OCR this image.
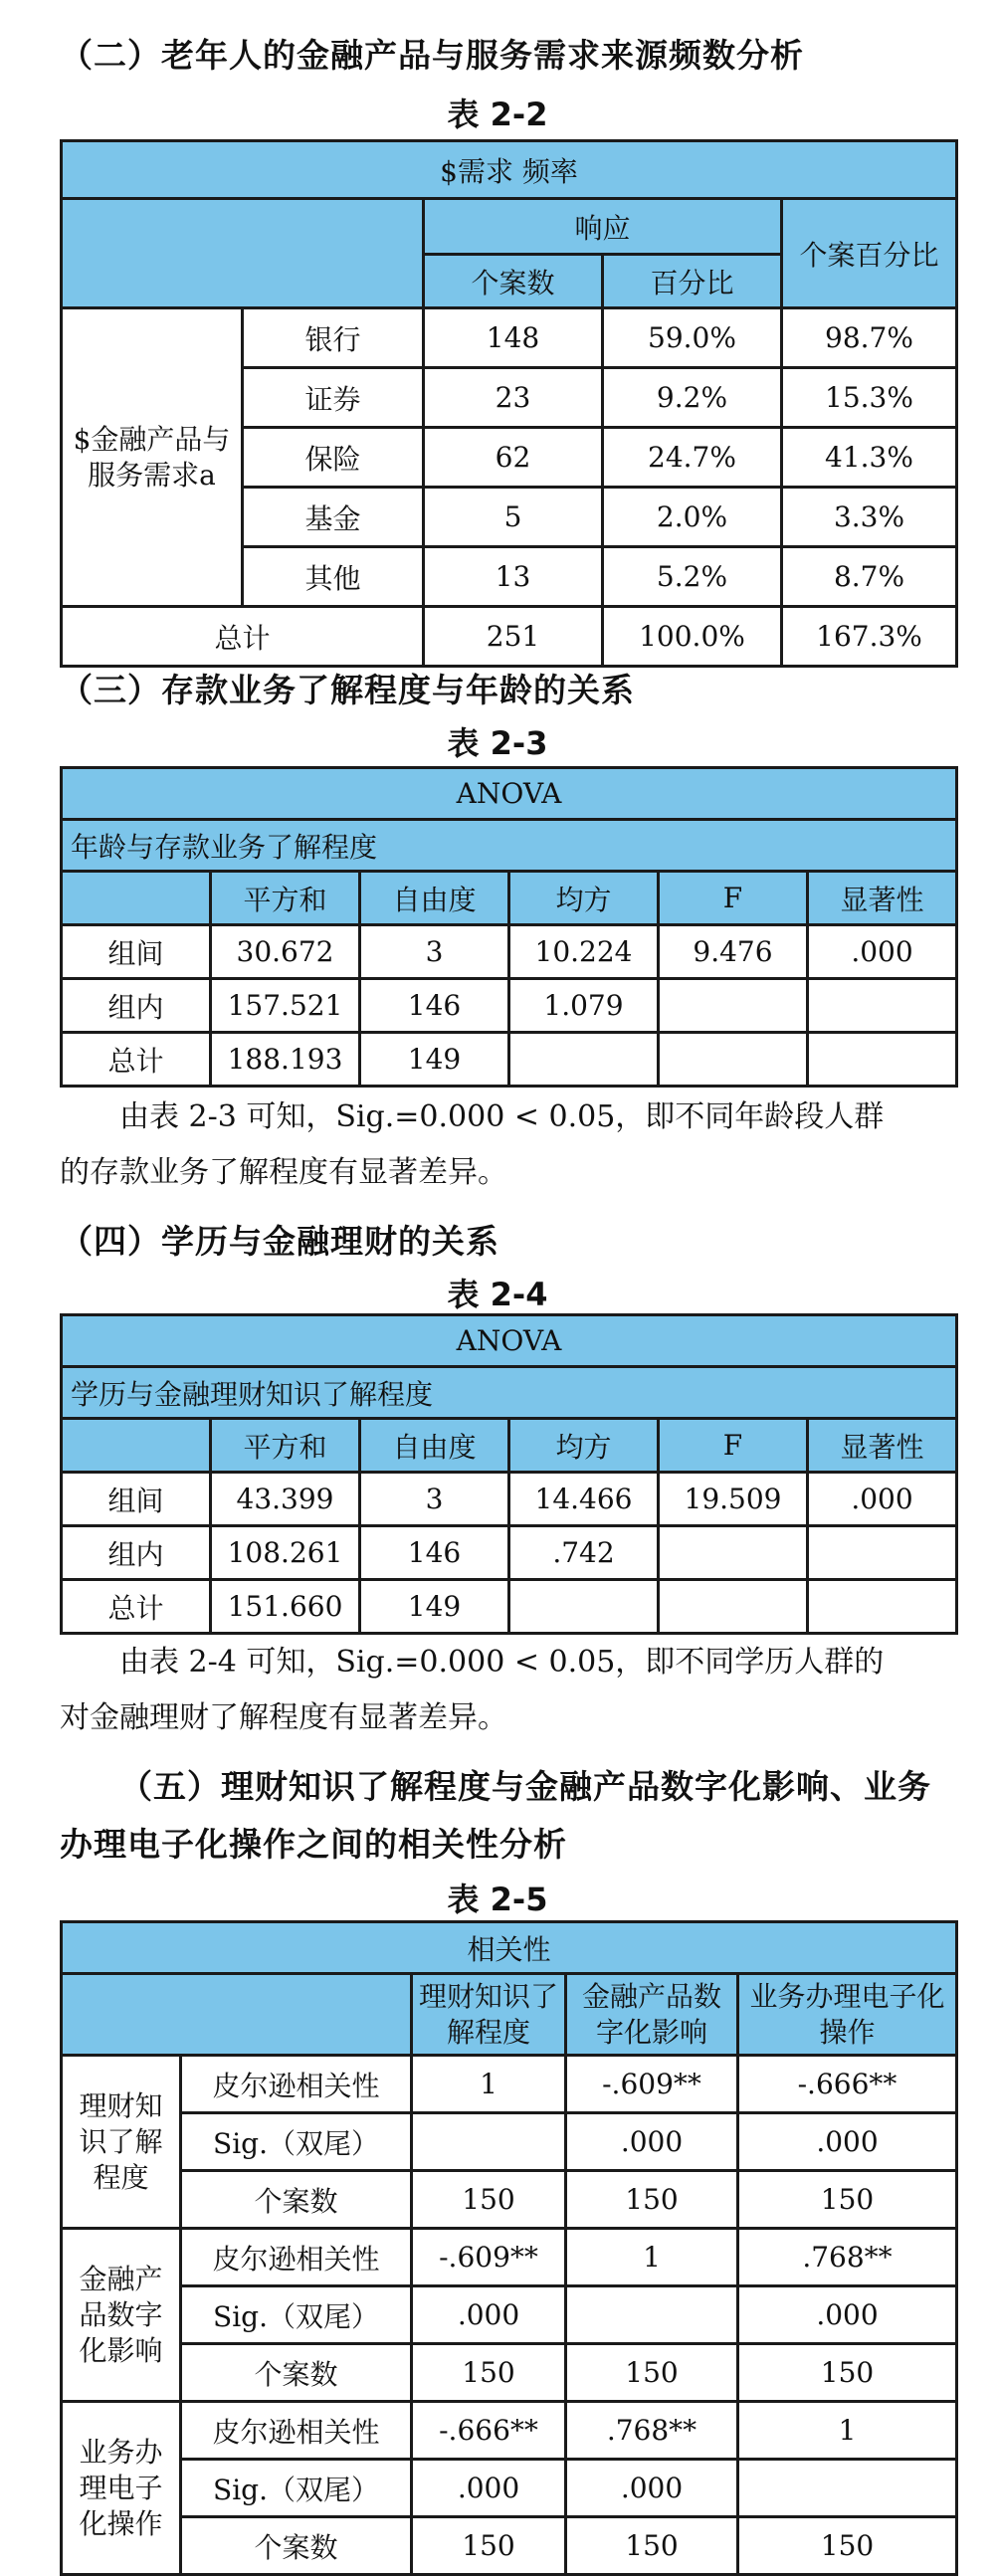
（二）老年人的金融产品与服务需求来源频数分析
表 2-2
$需求 频率				
		响应		个案百分比
		个案数	百分比	
$金融产品与服务需求a	银行	148	59.0%	98.7%
	证券	23	9.2%	15.3%
	保险	62	24.7%	41.3%
	基金	5	2.0%	3.3%
	其他	13	5.2%	8.7%
总计		251	100.0%	167.3%
（三）存款业务了解程度与年龄的关系
表 2-3
ANOVA					
年龄与存款业务了解程度					
	平方和	自由度	均方	F	显著性
组间	30.672	3	10.224	9.476	.000
组内	157.521	146	1.079		
总计	188.193	149			
由表 2-3 可知，Sig.=0.000 < 0.05，即不同年龄段人群
的存款业务了解程度有显著差异。
（四）学历与金融理财的关系
表 2-4
ANOVA					
学历与金融理财知识了解程度					
	平方和	自由度	均方	F	显著性
组间	43.399	3	14.466	19.509	.000
组内	108.261	146	.742		
总计	151.660	149			
由表 2-4 可知，Sig.=0.000 < 0.05，即不同学历人群的
对金融理财了解程度有显著差异。
（五）理财知识了解程度与金融产品数字化影响、业务
办理电子化操作之间的相关性分析
表 2-5
相关性				
		理财知识了解程度	金融产品数字化影响	业务办理电子化操作
理财知识了解程度	皮尔逊相关性	1	-.609**	-.666**
	Sig.（双尾）		.000	.000
	个案数	150	150	150
金融产品数字化影响	皮尔逊相关性	-.609**	1	.768**
	Sig.（双尾）	.000		.000
	个案数	150	150	150
业务办理电子化操作	皮尔逊相关性	-.666**	.768**	1
	Sig.（双尾）	.000	.000	
	个案数	150	150	150
